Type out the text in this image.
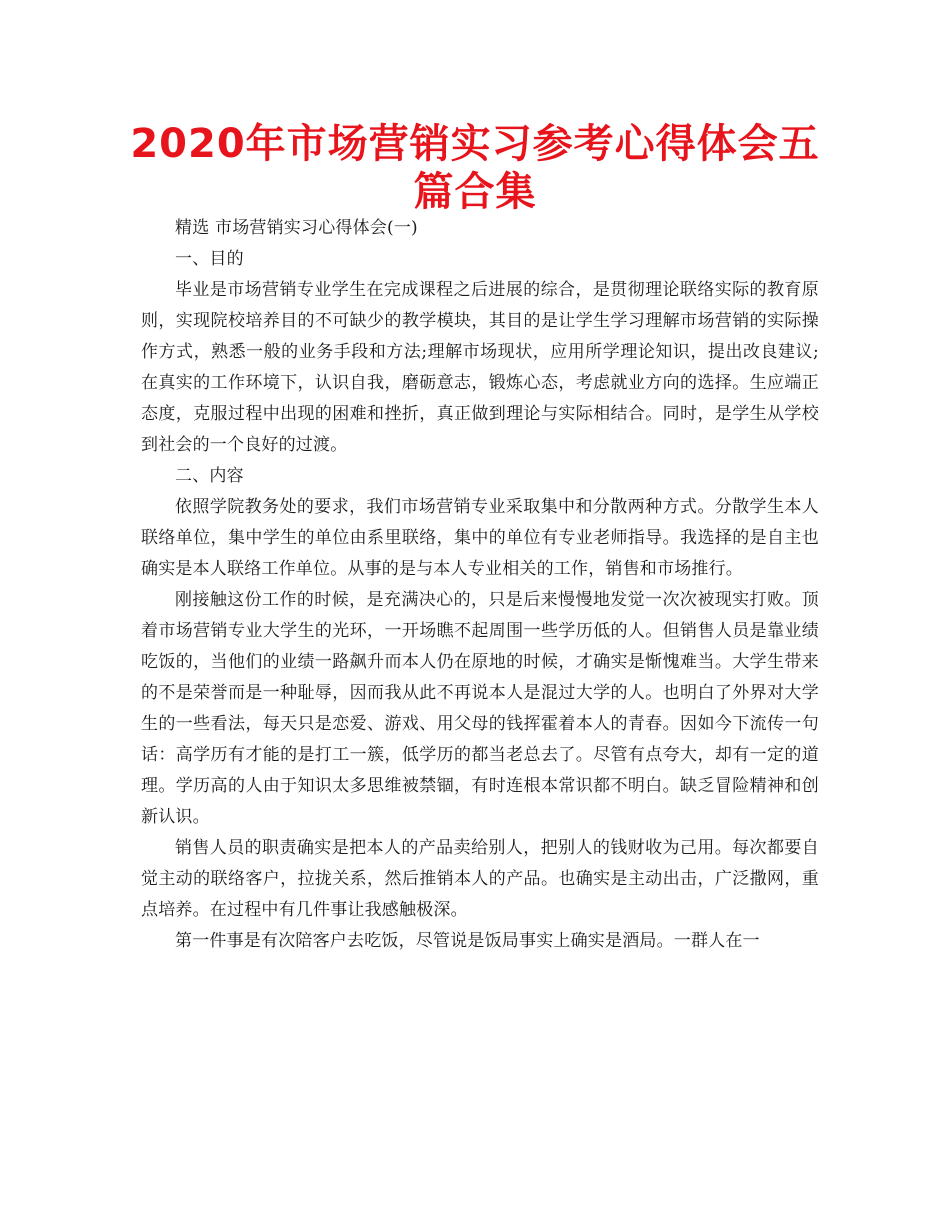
2020年市场营销实习参考心得体会五篇合集

精选 市场营销实习心得体会(一)

一、目的

毕业是市场营销专业学生在完成课程之后进展的综合，是贯彻理论联络实际的教育原则，实现院校培养目的不可缺少的教学模块，其目的是让学生学习理解市场营销的实际操作方式，熟悉一般的业务手段和方法;理解市场现状，应用所学理论知识，提出改良建议;在真实的工作环境下，认识自我，磨砺意志，锻炼心态，考虑就业方向的选择。生应端正态度，克服过程中出现的困难和挫折，真正做到理论与实际相结合。同时，是学生从学校到社会的一个良好的过渡。

二、内容

依照学院教务处的要求，我们市场营销专业采取集中和分散两种方式。分散学生本人联络单位，集中学生的单位由系里联络，集中的单位有专业老师指导。我选择的是自主也确实是本人联络工作单位。从事的是与本人专业相关的工作，销售和市场推行。

刚接触这份工作的时候，是充满决心的，只是后来慢慢地发觉一次次被现实打败。顶着市场营销专业大学生的光环，一开场瞧不起周围一些学历低的人。但销售人员是靠业绩吃饭的，当他们的业绩一路飙升而本人仍在原地的时候，才确实是惭愧难当。大学生带来的不是荣誉而是一种耻辱，因而我从此不再说本人是混过大学的人。也明白了外界对大学生的一些看法，每天只是恋爱、游戏、用父母的钱挥霍着本人的青春。因如今下流传一句话：高学历有才能的是打工一簇，低学历的都当老总去了。尽管有点夸大，却有一定的道理。学历高的人由于知识太多思维被禁锢，有时连根本常识都不明白。缺乏冒险精神和创新认识。

销售人员的职责确实是把本人的产品卖给别人，把别人的钱财收为己用。每次都要自觉主动的联络客户，拉拢关系，然后推销本人的产品。也确实是主动出击，广泛撒网，重点培养。在过程中有几件事让我感触极深。

第一件事是有次陪客户去吃饭，尽管说是饭局事实上确实是酒局。一群人在一
